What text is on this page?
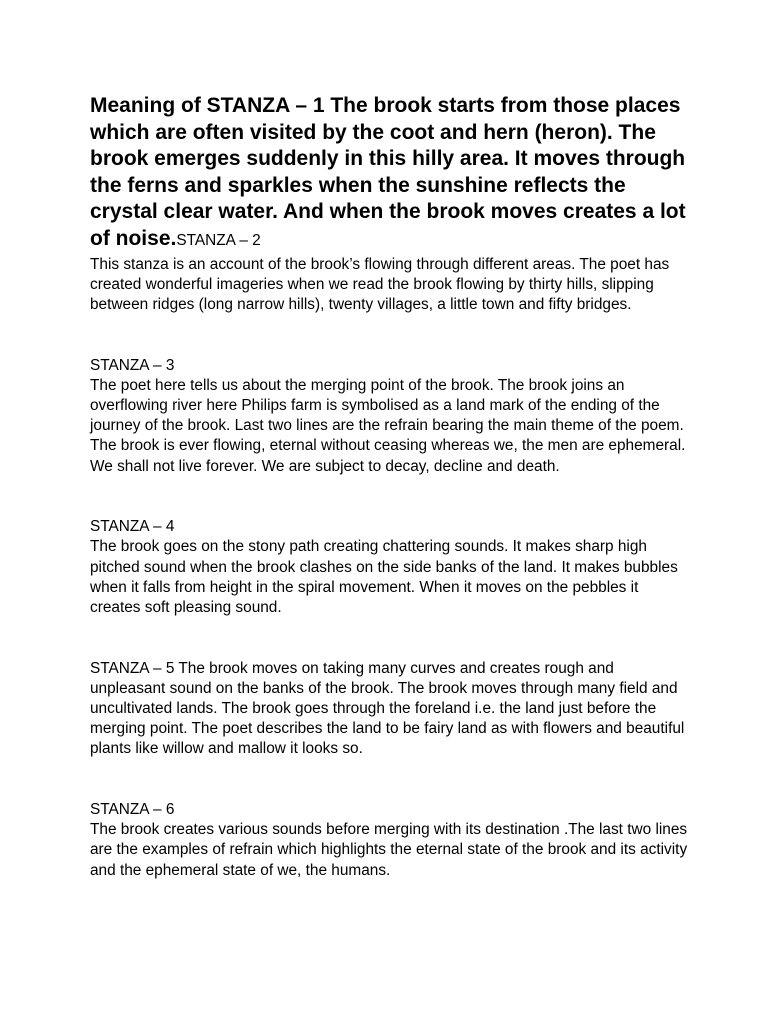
Meaning of STANZA – 1 The brook starts from those places which are often visited by the coot and hern (heron). The brook emerges suddenly in this hilly area. It moves through the ferns and sparkles when the sunshine reflects the crystal clear water. And when the brook moves creates a lot of noise.STANZA – 2

This stanza is an account of the brook’s flowing through different areas. The poet has created wonderful imageries when we read the brook flowing by thirty hills, slipping between ridges (long narrow hills), twenty villages, a little town and fifty bridges.

STANZA – 3

The poet here tells us about the merging point of the brook. The brook joins an overflowing river here Philips farm is symbolised as a land mark of the ending of the journey of the brook. Last two lines are the refrain bearing the main theme of the poem. The brook is ever flowing, eternal without ceasing whereas we, the men are ephemeral. We shall not live forever. We are subject to decay, decline and death.

STANZA – 4

The brook goes on the stony path creating chattering sounds. It makes sharp high pitched sound when the brook clashes on the side banks of the land. It makes bubbles when it falls from height in the spiral movement. When it moves on the pebbles it creates soft pleasing sound.

STANZA – 5 The brook moves on taking many curves and creates rough and unpleasant sound on the banks of the brook. The brook moves through many field and uncultivated lands. The brook goes through the foreland i.e. the land just before the merging point. The poet describes the land to be fairy land as with flowers and beautiful plants like willow and mallow it looks so.

STANZA – 6

The brook creates various sounds before merging with its destination .The last two lines are the examples of refrain which highlights the eternal state of the brook and its activity and the ephemeral state of we, the humans.
